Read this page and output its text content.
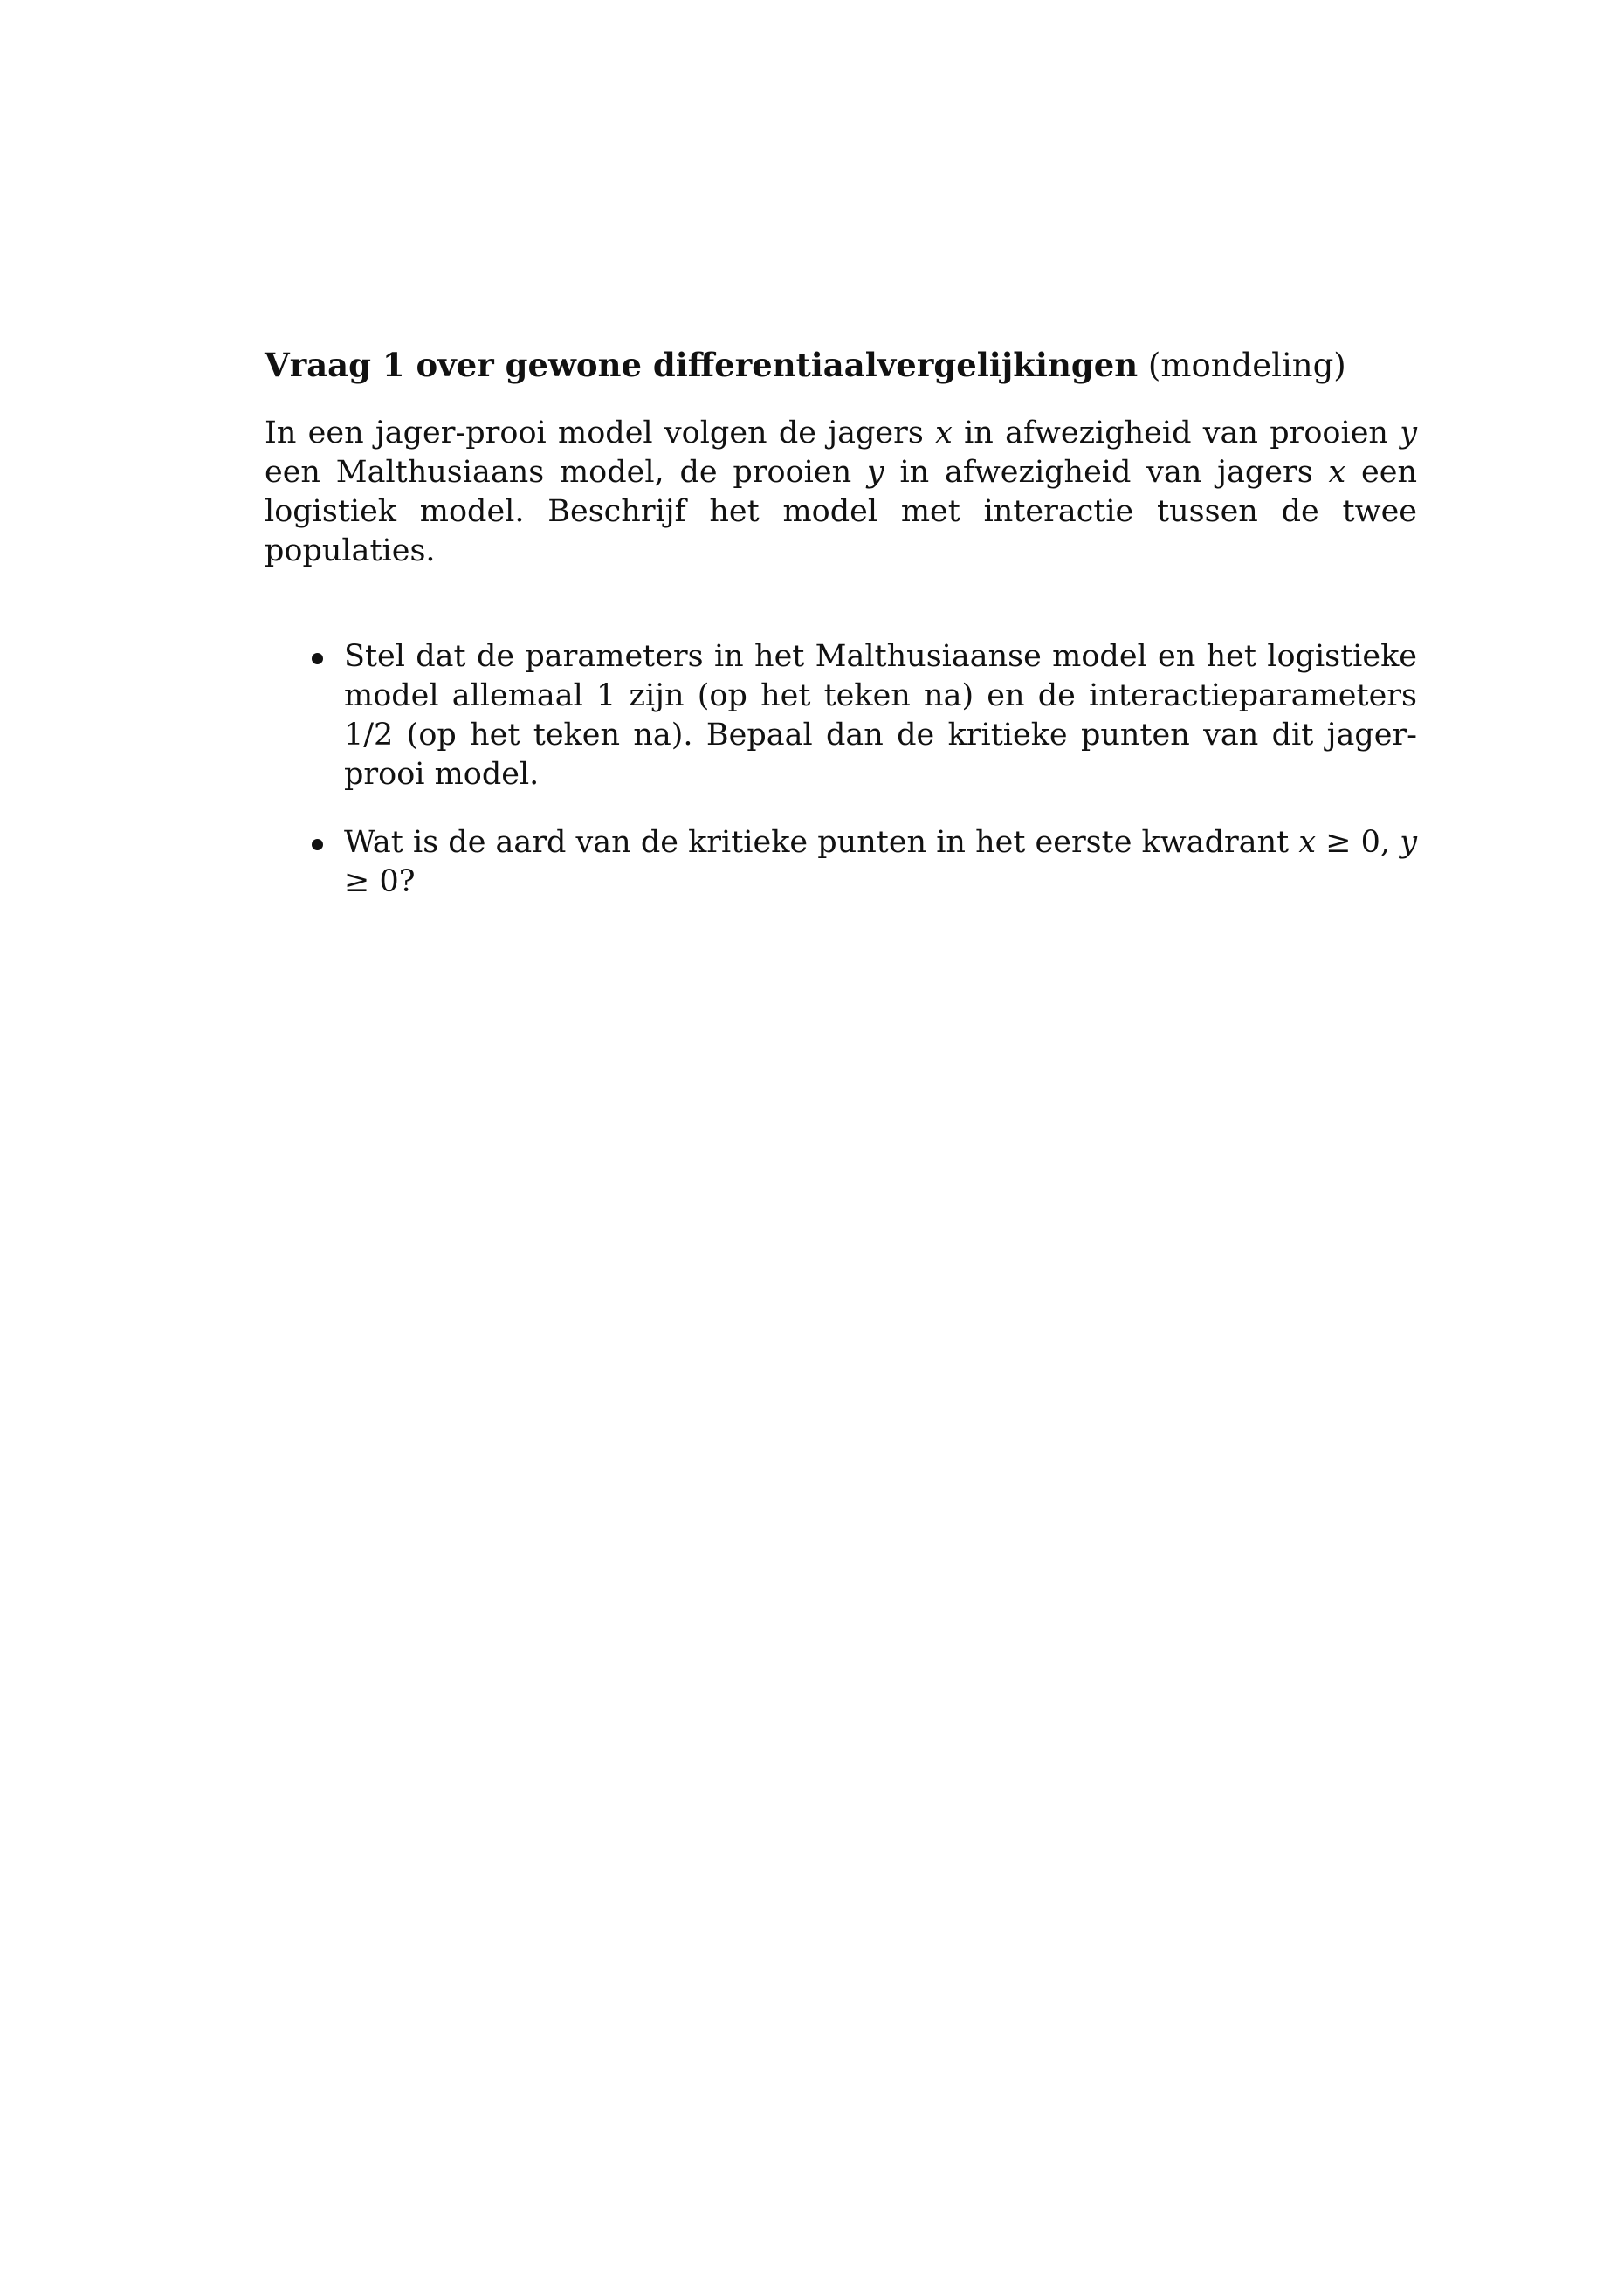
Vraag 1 over gewone differentiaalvergelijkingen (mondeling)

In een jager-prooi model volgen de jagers x in afwezigheid van prooien y een Malthusiaans model, de prooien y in afwezigheid van jagers x een logistiek model. Beschrijf het model met interactie tussen de twee populaties.

Stel dat de parameters in het Malthusiaanse model en het logistieke model allemaal 1 zijn (op het teken na) en de interactieparameters 1/2 (op het teken na). Bepaal dan de kritieke punten van dit jager-prooi model.
Wat is de aard van de kritieke punten in het eerste kwadrant x ≥ 0, y ≥ 0?
